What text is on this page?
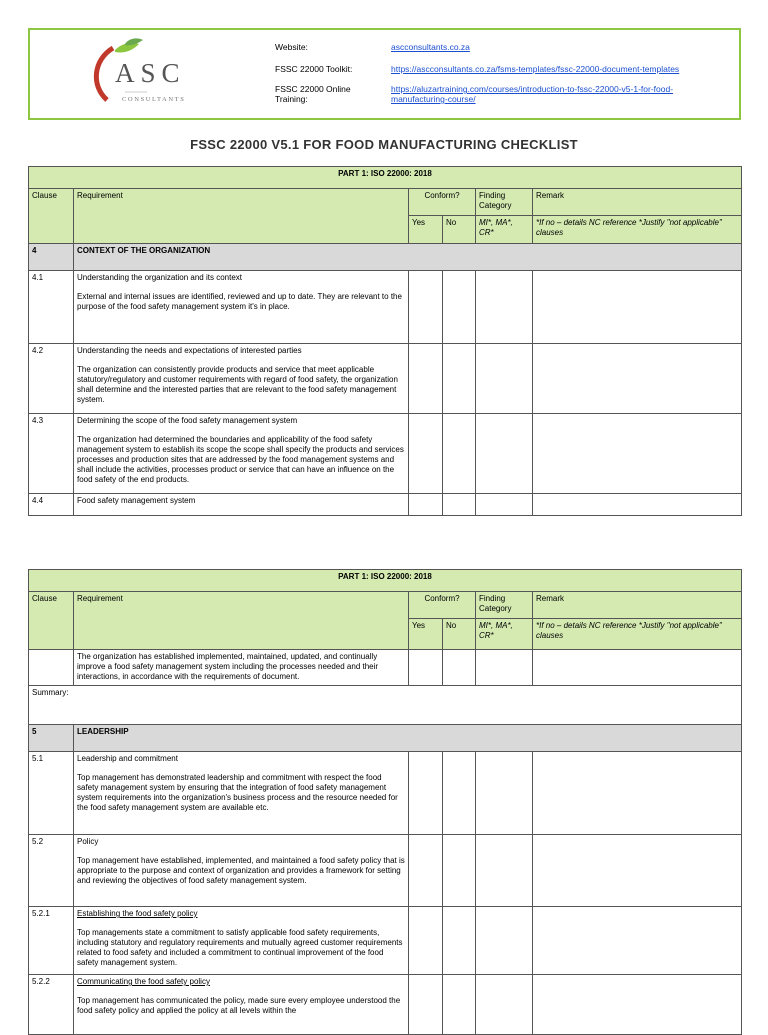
ASC
CONSULTANTS
Website:	ascconsultants.co.za
FSSC 22000 Toolkit:	https://ascconsultants.co.za/fsms-templates/fssc-22000-document-templates
FSSC 22000 Online Training:
https://aluzartraining.com/courses/introduction-to-fssc-22000-v5-1-for-food-manufacturing-course/
FSSC 22000 V5.1 FOR FOOD MANUFACTURING CHECKLIST
PART 1: ISO 22000: 2018					
Clause	Requirement	Conform?		Finding Category	Remark
		Yes	No	MI*, MA*, CR*	*If no – details NC reference *Justify "not applicable" clauses
4	CONTEXT OF THE ORGANIZATION				
4.1	Understanding the organization and its context
External and internal issues are identified, reviewed and up to date. They are relevant to the purpose of the food safety management system it's in place.				

4.2	Understanding the needs and expectations of interested parties
The organization can consistently provide products and service that meet applicable statutory/regulatory and customer requirements with regard of food safety, the organization shall determine and the interested parties that are relevant to the food safety management system.				

4.3	Determining the scope of the food safety management system
The organization had determined the boundaries and applicability of the food safety management system to establish its scope the scope shall specify the products and services processes and production sites that are addressed by the food management systems and shall include the activities, processes product or service that can have an influence on the food safety of the end products.				

4.4	Food safety management system				

PART 1: ISO 22000: 2018					
Clause	Requirement	Conform?		Finding Category	Remark
		Yes	No	MI*, MA*, CR*	*If no – details NC reference *Justify "not applicable" clauses
	The organization has established implemented, maintained, updated, and continually improve a food safety management system including the processes needed and their interactions, in accordance with the requirements of document.				
Summary:					
5	LEADERSHIP				
5.1	Leadership and commitment
Top management has demonstrated leadership and commitment with respect the food safety management system by ensuring that the integration of food safety management system requirements into the organization's business process and the resource needed for the food safety management system are available etc.				

5.2	Policy
Top management have established, implemented, and maintained a food safety policy that is appropriate to the purpose and context of organization and provides a framework for setting and reviewing the objectives of food safety management system.				

5.2.1	Establishing the food safety policy
Top managements state a commitment to satisfy applicable food safety requirements, including statutory and regulatory requirements and mutually agreed customer requirements related to food safety and included a commitment to continual improvement of the food safety management system.				

5.2.2	Communicating the food safety policy
Top management has communicated the policy, made sure every employee understood the food safety policy and applied the policy at all levels within the				
